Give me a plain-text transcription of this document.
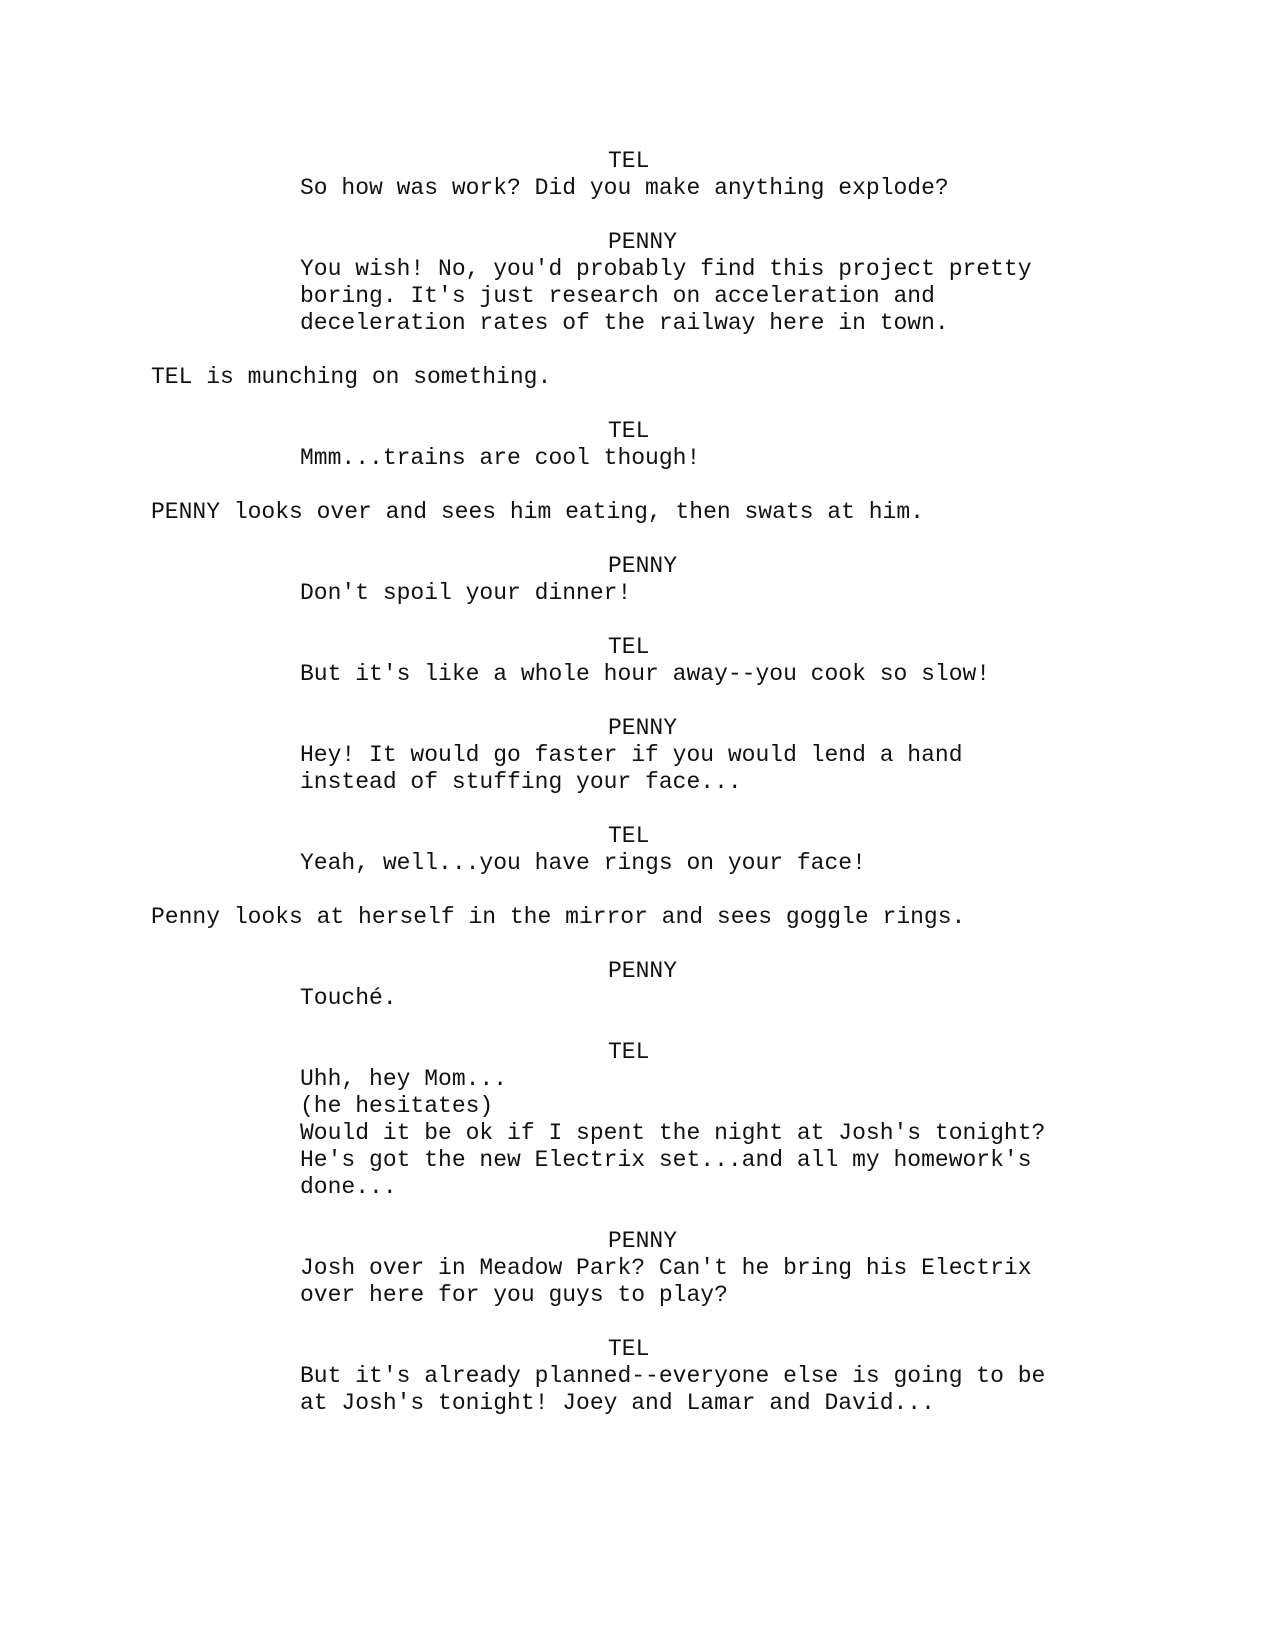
TEL
So how was work? Did you make anything explode?
PENNY
You wish! No, you'd probably find this project pretty
boring. It's just research on acceleration and
deceleration rates of the railway here in town.
TEL is munching on something.
TEL
Mmm...trains are cool though!
PENNY looks over and sees him eating, then swats at him.
PENNY
Don't spoil your dinner!
TEL
But it's like a whole hour away--you cook so slow!
PENNY
Hey! It would go faster if you would lend a hand
instead of stuffing your face...
TEL
Yeah, well...you have rings on your face!
Penny looks at herself in the mirror and sees goggle rings.
PENNY
Touché.
TEL
Uhh, hey Mom...
(he hesitates)
Would it be ok if I spent the night at Josh's tonight?
He's got the new Electrix set...and all my homework's
done...
PENNY
Josh over in Meadow Park? Can't he bring his Electrix
over here for you guys to play?
TEL
But it's already planned--everyone else is going to be
at Josh's tonight! Joey and Lamar and David...
